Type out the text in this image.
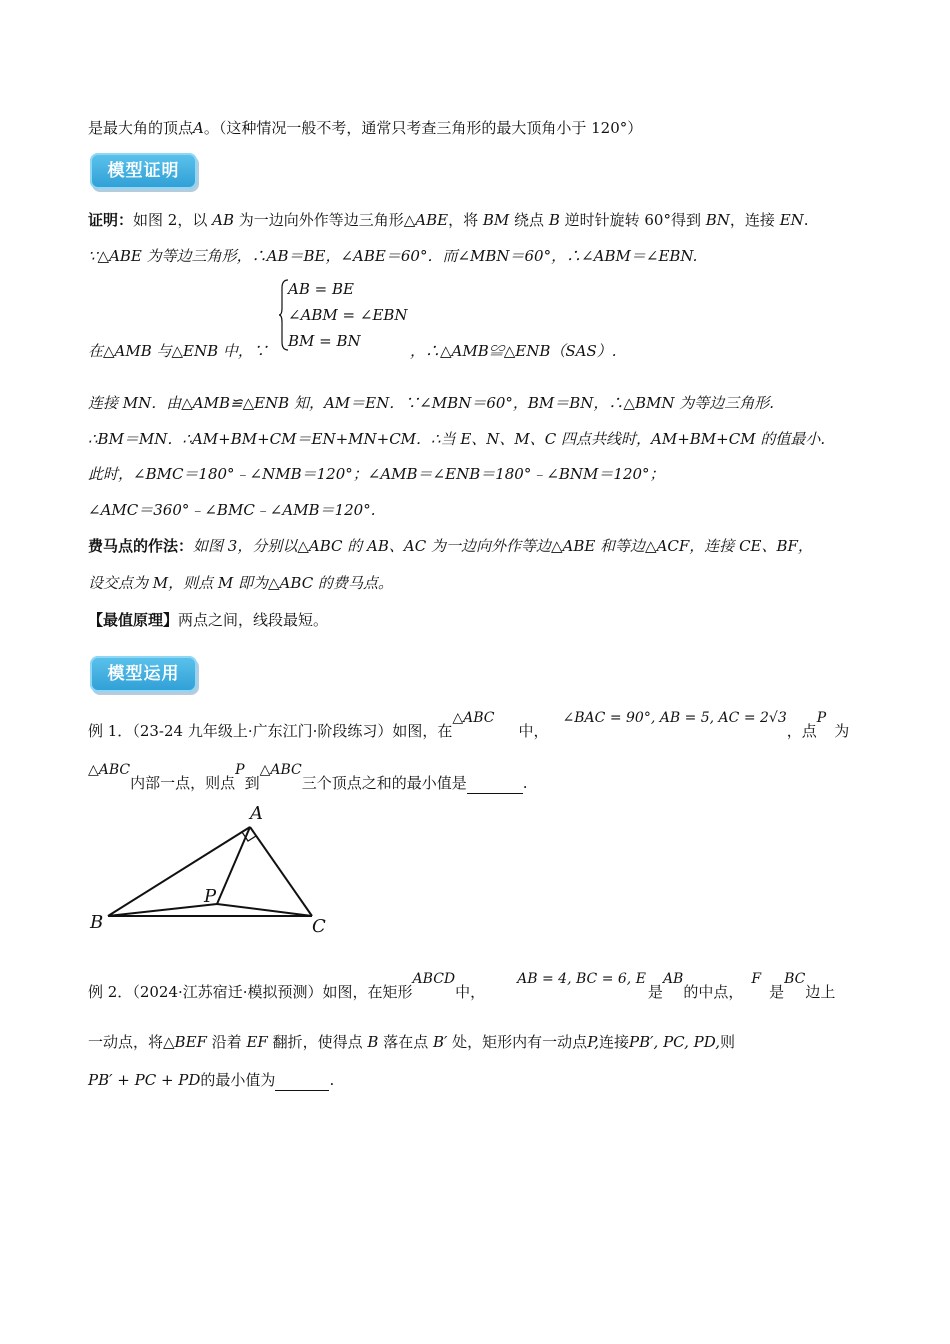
是最大角的顶点A。（这种情况一般不考，通常只考查三角形的最大顶角小于 120°）
模型证明
证明：如图 2，以 AB 为一边向外作等边三角形△ABE，将 BM 绕点 B 逆时针旋转 60°得到 BN，连接 EN.
∵△ABE 为等边三角形，∴AB＝BE，∠ABE＝60°．而∠MBN＝60°，∴∠ABM＝∠EBN.
AB = BE
∠ABM = ∠EBN
BM = BN
在△AMB 与△ENB 中，∵	，∴△AMB≌△ENB（SAS）.
连接 MN．由△AMB≌△ENB 知，AM＝EN．∵∠MBN＝60°，BM＝BN，∴△BMN 为等边三角形.
∴BM＝MN．∴AM+BM+CM＝EN+MN+CM．∴当 E、N、M、C 四点共线时，AM+BM+CM 的值最小.
此时，∠BMC＝180°﹣∠NMB＝120°；∠AMB＝∠ENB＝180°﹣∠BNM＝120°；
∠AMC＝360°﹣∠BMC﹣∠AMB＝120°.
费马点的作法：如图 3，分别以△ABC 的 AB、AC 为一边向外作等边△ABE 和等边△ACF，连接 CE、BF，
设交点为 M，则点 M 即为△ABC 的费马点。
【最值原理】两点之间，线段最短。
模型运用
例 1．（23-24 九年级上·广东江门·阶段练习）如图，在△ABC中，∠BAC = 90°, AB = 5, AC = 2√3，点P为
△ABC内部一点，则点P到△ABC三个顶点之和的最小值是	.
A
B	C
P
例 2．（2024·江苏宿迁·模拟预测）如图，在矩形ABCD中，AB = 4, BC = 6, E是AB的中点，F是BC边上
一动点，将△BEF 沿着 EF 翻折，使得点 B 落在点 B′ 处，矩形内有一动点P,连接PB′, PC, PD,则
PB′ + PC + PD的最小值为	.
